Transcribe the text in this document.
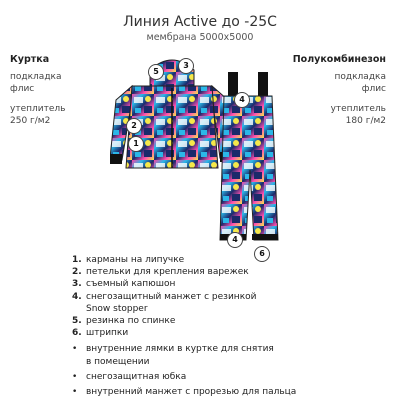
Линия Active до -25С
мембрана 5000х5000
Куртка
подкладка
флис
утеплитель
250 г/м2
Полукомбинезон
подкладка
флис
утеплитель
180 г/м2
5
3
2
1
4
4
6
1. карманы на липучке
2. петельки для крепления варежек
3. съемный капюшон
4. снегозащитный манжет с резинкой
Snow stopper
5. резинка по спинке
6. штрипки
• внутренние лямки в куртке для снятия
в помещении
• снегозащитная юбка
• внутренний манжет с прорезью для пальца
